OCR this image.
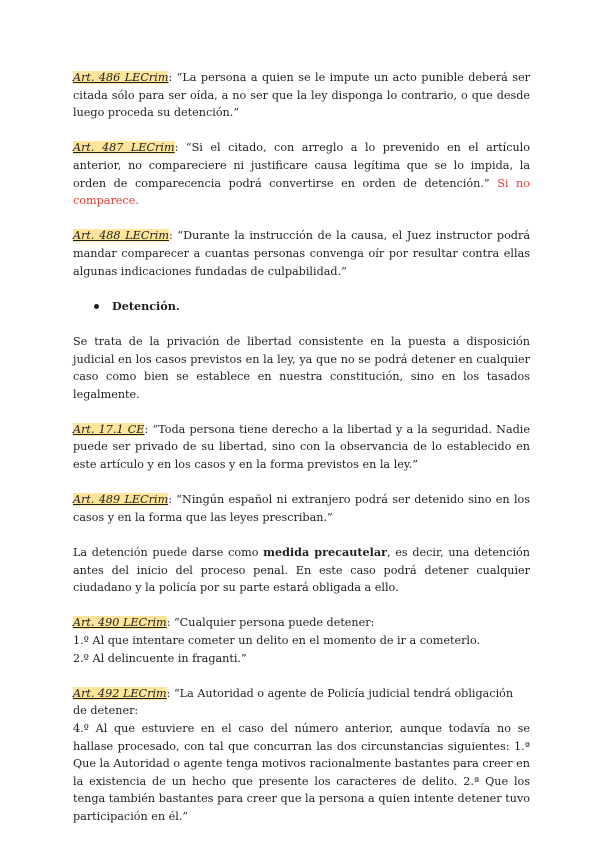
Art. 486 LECrim: “La persona a quien se le impute un acto punible deberá ser citada sólo para ser oída, a no ser que la ley disponga lo contrario, o que desde luego proceda su detención.”

Art. 487 LECrim: “Si el citado, con arreglo a lo prevenido en el artículo anterior, no compareciere ni justificare causa legítima que se lo impida, la orden de comparecencia podrá convertirse en orden de detención.” Si no comparece.

Art. 488 LECrim: “Durante la instrucción de la causa, el Juez instructor podrá mandar comparecer a cuantas personas convenga oír por resultar contra ellas algunas indicaciones fundadas de culpabilidad.”

Detención.

Se trata de la privación de libertad consistente en la puesta a disposición judicial en los casos previstos en la ley, ya que no se podrá detener en cualquier caso como bien se establece en nuestra constitución, sino en los tasados legalmente.

Art. 17.1 CE: “Toda persona tiene derecho a la libertad y a la seguridad. Nadie puede ser privado de su libertad, sino con la observancia de lo establecido en este artículo y en los casos y en la forma previstos en la ley.”

Art. 489 LECrim: “Ningún español ni extranjero podrá ser detenido sino en los casos y en la forma que las leyes prescriban.”

La detención puede darse como medida precautelar, es decir, una detención antes del inicio del proceso penal. En este caso podrá detener cualquier ciudadano y la policía por su parte estará obligada a ello.

Art. 490 LECrim: “Cualquier persona puede detener:
1.º Al que intentare cometer un delito en el momento de ir a cometerlo.
2.º Al delincuente in fraganti.”

Art. 492 LECrim: “La Autoridad o agente de Policía judicial tendrá obligación de detener:
4.º Al que estuviere en el caso del número anterior, aunque todavía no se hallase procesado, con tal que concurran las dos circunstancias siguientes: 1.ª Que la Autoridad o agente tenga motivos racionalmente bastantes para creer en la existencia de un hecho que presente los caracteres de delito. 2.ª Que los tenga también bastantes para creer que la persona a quien intente detener tuvo participación en él.”
